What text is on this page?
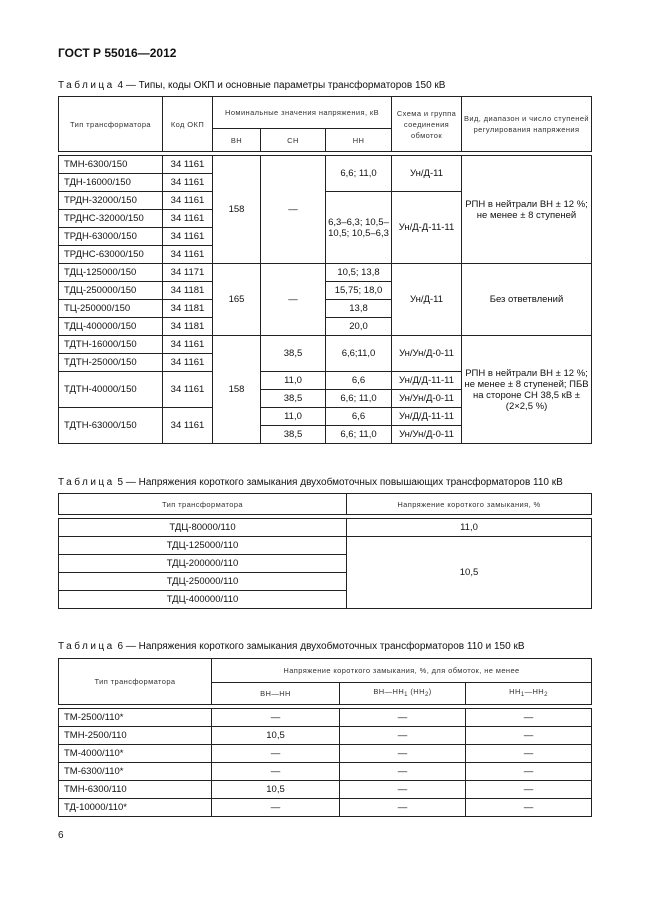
ГОСТ Р 55016—2012
Таблица 4 — Типы, коды ОКП и основные параметры трансформаторов 150 кВ
Тип трансформатора	Код ОКП	Номинальные значения напряжения, кВ			Схема и группа соединения обмоток	Вид, диапазон и число ступеней регулирования напряжения
		ВН	СН	НН		

ТМН-6300/150	34 1161	158	—	6,6; 11,0	Ун/Д-11	РПН в нейтрали ВН ± 12 %; не менее ± 8 ступеней
ТДН-16000/150	34 1161					
ТРДН-32000/150	34 1161			6,3–6,3; 10,5–10,5; 10,5–6,3	Ун/Д-Д-11-11	
ТРДНС-32000/150	34 1161					
ТРДН-63000/150	34 1161					
ТРДНС-63000/150	34 1161					
ТДЦ-125000/150	34 1171	165	—	10,5; 13,8	Ун/Д-11	Без ответвлений
ТДЦ-250000/150	34 1181			15,75; 18,0		
ТЦ-250000/150	34 1181			13,8		
ТДЦ-400000/150	34 1181			20,0		
ТДТН-16000/150	34 1161	158	38,5	6,6;11,0	Ун/Ун/Д-0-11	РПН в нейтрали ВН ± 12 %; не менее ± 8 ступеней; ПБВ на стороне СН 38,5 кВ ± (2×2,5 %)
ТДТН-25000/150	34 1161					
ТДТН-40000/150	34 1161		11,0	6,6	Ун/Д/Д-11-11	
			38,5	6,6; 11,0	Ун/Ун/Д-0-11	
ТДТН-63000/150	34 1161		11,0	6,6	Ун/Д/Д-11-11	
			38,5	6,6; 11,0	Ун/Ун/Д-0-11	
Таблица 5 — Напряжения короткого замыкания двухобмоточных повышающих трансформаторов 110 кВ
Тип трансформатора	Напряжение короткого замыкания, %

ТДЦ-80000/110	11,0
ТДЦ-125000/110	10,5
ТДЦ-200000/110	
ТДЦ-250000/110	
ТДЦ-400000/110	
Таблица 6 — Напряжения короткого замыкания двухобмоточных трансформаторов 110 и 150 кВ
Тип трансформатора	Напряжение короткого замыкания, %, для обмоток, не менее		
	ВН—НН	$ВН—НН_1$ $(НН_2)$	$НН_1—НН_2$

ТМ-2500/110*	—	—	—
ТМН-2500/110	10,5	—	—
ТМ-4000/110*	—	—	—
ТМ-6300/110*	—	—	—
ТМН-6300/110	10,5	—	—
ТД-10000/110*	—	—	—
6
